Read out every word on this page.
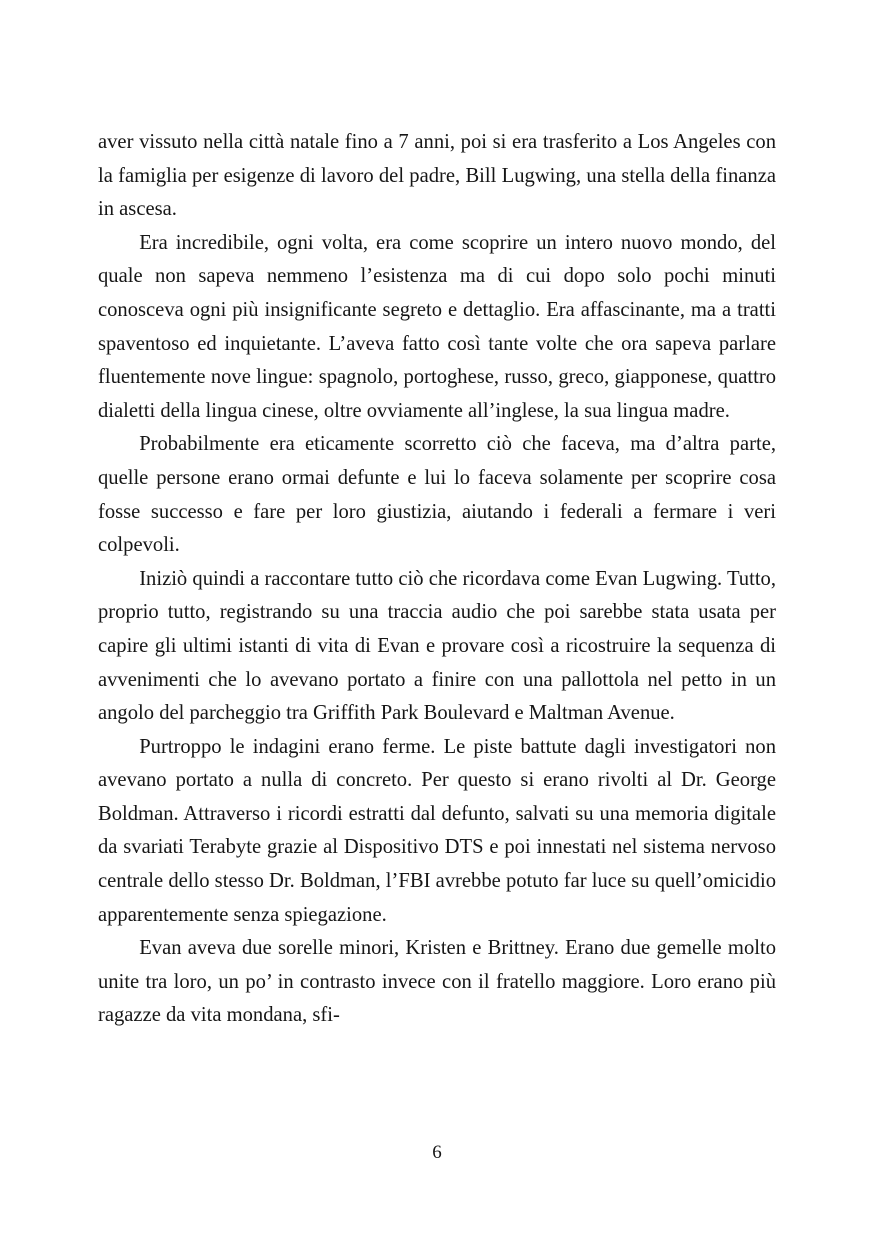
aver vissuto nella città natale fino a 7 anni, poi si era trasferito a Los Angeles con la famiglia per esigenze di lavoro del padre, Bill Lugwing, una stella della finanza in ascesa.

Era incredibile, ogni volta, era come scoprire un intero nuovo mondo, del quale non sapeva nemmeno l’esistenza ma di cui dopo solo pochi minuti conosceva ogni più insignificante segreto e dettaglio. Era affascinante, ma a tratti spaventoso ed inquietante. L’aveva fatto così tante volte che ora sapeva parlare fluentemente nove lingue: spagnolo, portoghese, russo, greco, giapponese, quattro dialetti della lingua cinese, oltre ovviamente all’inglese, la sua lingua madre.

Probabilmente era eticamente scorretto ciò che faceva, ma d’altra parte, quelle persone erano ormai defunte e lui lo faceva solamente per scoprire cosa fosse successo e fare per loro giustizia, aiutando i federali a fermare i veri colpevoli.

Iniziò quindi a raccontare tutto ciò che ricordava come Evan Lugwing. Tutto, proprio tutto, registrando su una traccia audio che poi sarebbe stata usata per capire gli ultimi istanti di vita di Evan e provare così a ricostruire la sequenza di avvenimenti che lo avevano portato a finire con una pallottola nel petto in un angolo del parcheggio tra Griffith Park Boulevard e Maltman Avenue.

Purtroppo le indagini erano ferme. Le piste battute dagli investigatori non avevano portato a nulla di concreto. Per questo si erano rivolti al Dr. George Boldman. Attraverso i ricordi estratti dal defunto, salvati su una memoria digitale da svariati Terabyte grazie al Dispositivo DTS e poi innestati nel sistema nervoso centrale dello stesso Dr. Boldman, l’FBI avrebbe potuto far luce su quell’omicidio apparentemente senza spiegazione.

Evan aveva due sorelle minori, Kristen e Brittney. Erano due gemelle molto unite tra loro, un po’ in contrasto invece con il fratello maggiore. Loro erano più ragazze da vita mondana, sfi-

6
